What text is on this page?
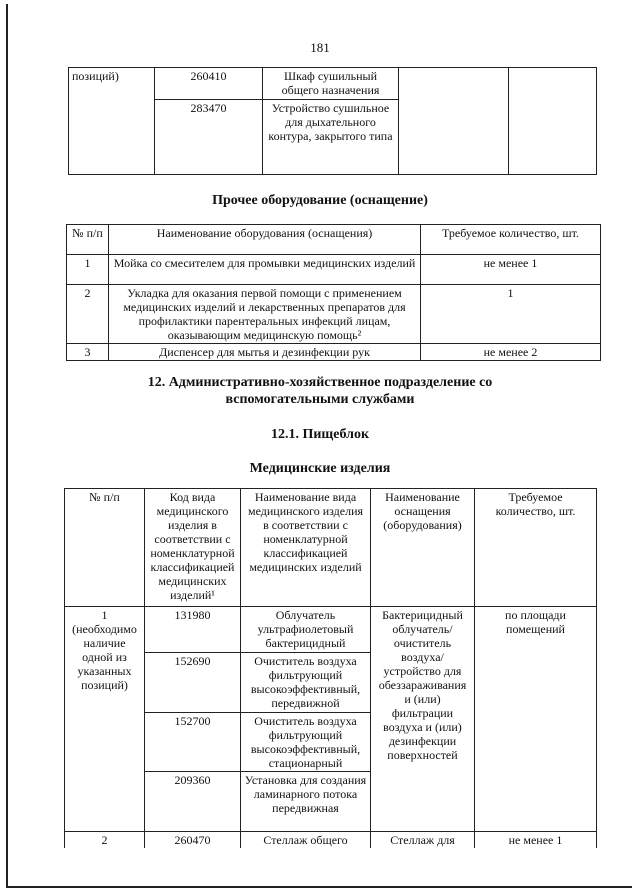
181
позиций)	260410	Шкаф сушильный общего назначения		
	283470	Устройство сушильное для дыхательного контура, закрытого типа		
Прочее оборудование (оснащение)
№ п/п	Наименование оборудования (оснащения)	Требуемое количество, шт.
1	Мойка со смесителем для промывки медицинских изделий	не менее 1
2	Укладка для оказания первой помощи с применением медицинских изделий и лекарственных препаратов для профилактики парентеральных инфекций лицам, оказывающим медицинскую помощь²	1
3	Диспенсер для мытья и дезинфекции рук	не менее 2
12. Административно-хозяйственное подразделение со
вспомогательными службами
12.1. Пищеблок
Медицинские изделия
№ п/п	Код вида медицинского изделия в соответствии с номенклатурной классификацией медицинских изделий¹	Наименование вида медицинского изделия в соответствии с номенклатурной классификацией медицинских изделий	Наименование оснащения (оборудования)	Требуемое количество, шт.
1 (необходимо наличие одной из указанных позиций)	131980	Облучатель ультрафиолетовый бактерицидный	Бактерицидный облучатель/ очиститель воздуха/ устройство для обеззараживания и (или) фильтрации воздуха и (или) дезинфекции поверхностей	по площади помещений
	152690	Очиститель воздуха фильтрующий высокоэффективный, передвижной		
	152700	Очиститель воздуха фильтрующий высокоэффективный, стационарный		
	209360	Установка для создания ламинарного потока передвижная		
2	260470	Стеллаж общего	Стеллаж для	не менее 1
